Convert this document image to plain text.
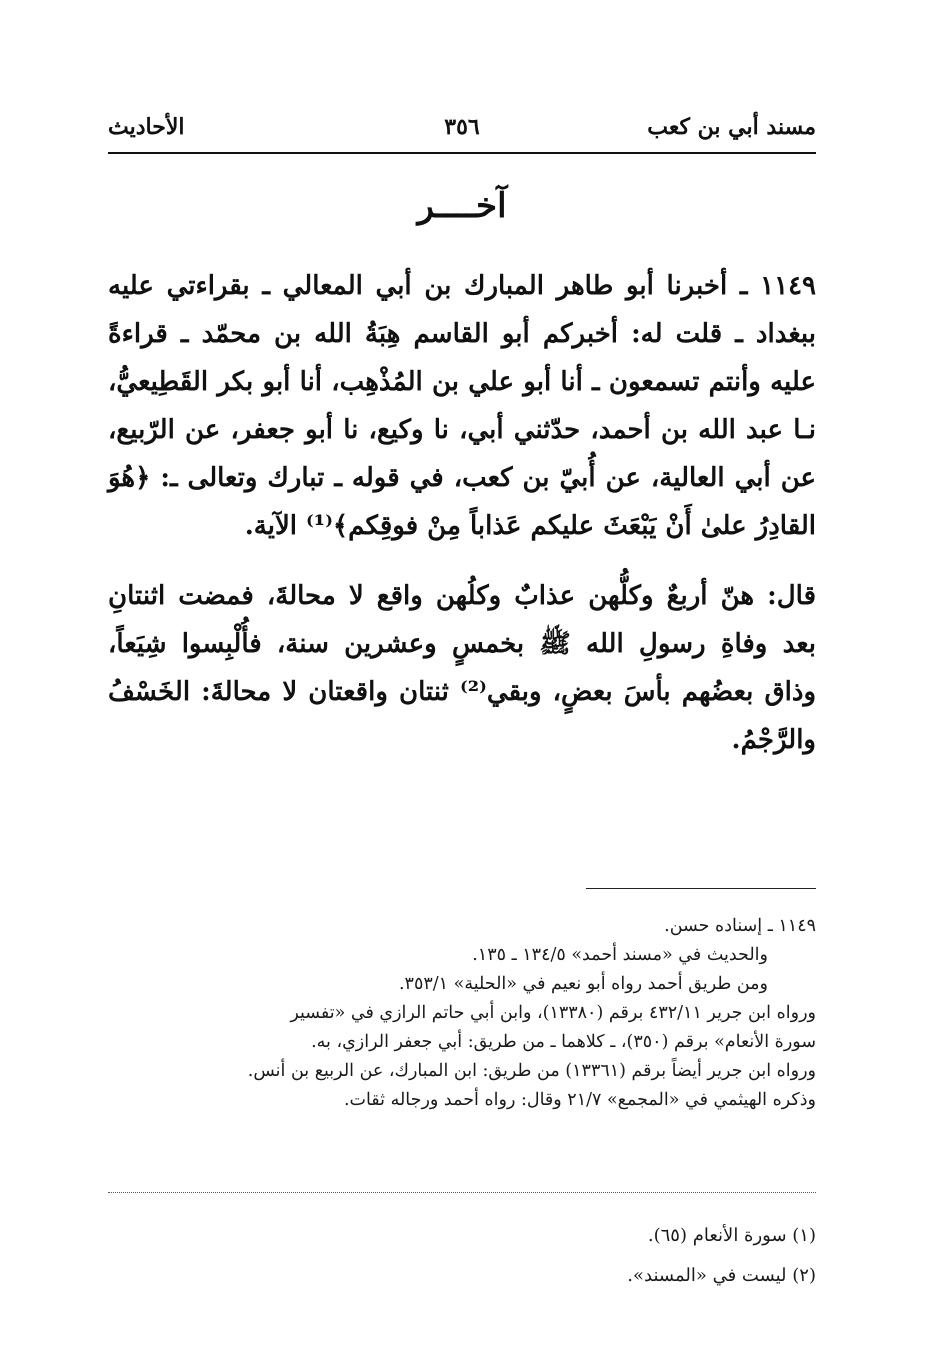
مسند أبي بن كعب
٣٥٦
الأحاديث
آخــــر

١١٤٩ ـ أخبرنا أبو طاهر المبارك بن أبي المعالي ـ بقراءتي عليه ببغداد ـ قلت له: أخبركم أبو القاسم هِبَةُ الله بن محمّد ـ قراءةً عليه وأنتم تسمعون ـ أنا أبو علي بن المُذْهِب، أنا أبو بكر القَطِيعيُّ، نـا عبد الله بن أحمد، حدّثني أبي، نا وكيع، نا أبو جعفر، عن الرّبيع، عن أبي العالية، عن أُبيّ بن كعب، في قوله ـ تبارك وتعالى ـ: ﴿هُوَ القادِرُ علىٰ أَنْ يَبْعَثَ عليكم عَذاباً مِنْ فوقِكم﴾⁽¹⁾ الآية.

قال: هنّ أربعٌ وكلُّهن عذابٌ وكلُهن واقع لا محالةَ، فمضت اثنتانِ بعد وفاةِ رسولِ الله ﷺ بخمسٍ وعشرين سنة، فأُلْبِسوا شِيَعاً، وذاق بعضُهم بأسَ بعضٍ، وبقي⁽²⁾ ثنتان واقعتان لا محالةَ: الخَسْفُ والرَّجْمُ.

١١٤٩ ـ إسناده حسن.

والحديث في «مسند أحمد» ١٣٤/٥ ـ ١٣٥.

ومن طريق أحمد رواه أبو نعيم في «الحلية» ٣٥٣/١.

ورواه ابن جرير ٤٣٢/١١ برقم (١٣٣٨٠)، وابن أبي حاتم الرازي في «تفسير

سورة الأنعام» برقم (٣٥٠)، ـ كلاهما ـ من طريق: أبي جعفر الرازي، به.

ورواه ابن جرير أيضاً برقم (١٣٣٦١) من طريق: ابن المبارك، عن الربيع بن أنس.

وذكره الهيثمي في «المجمع» ٢١/٧ وقال: رواه أحمد ورجاله ثقات.

(١) سورة الأنعام (٦٥).

(٢) ليست في «المسند».
